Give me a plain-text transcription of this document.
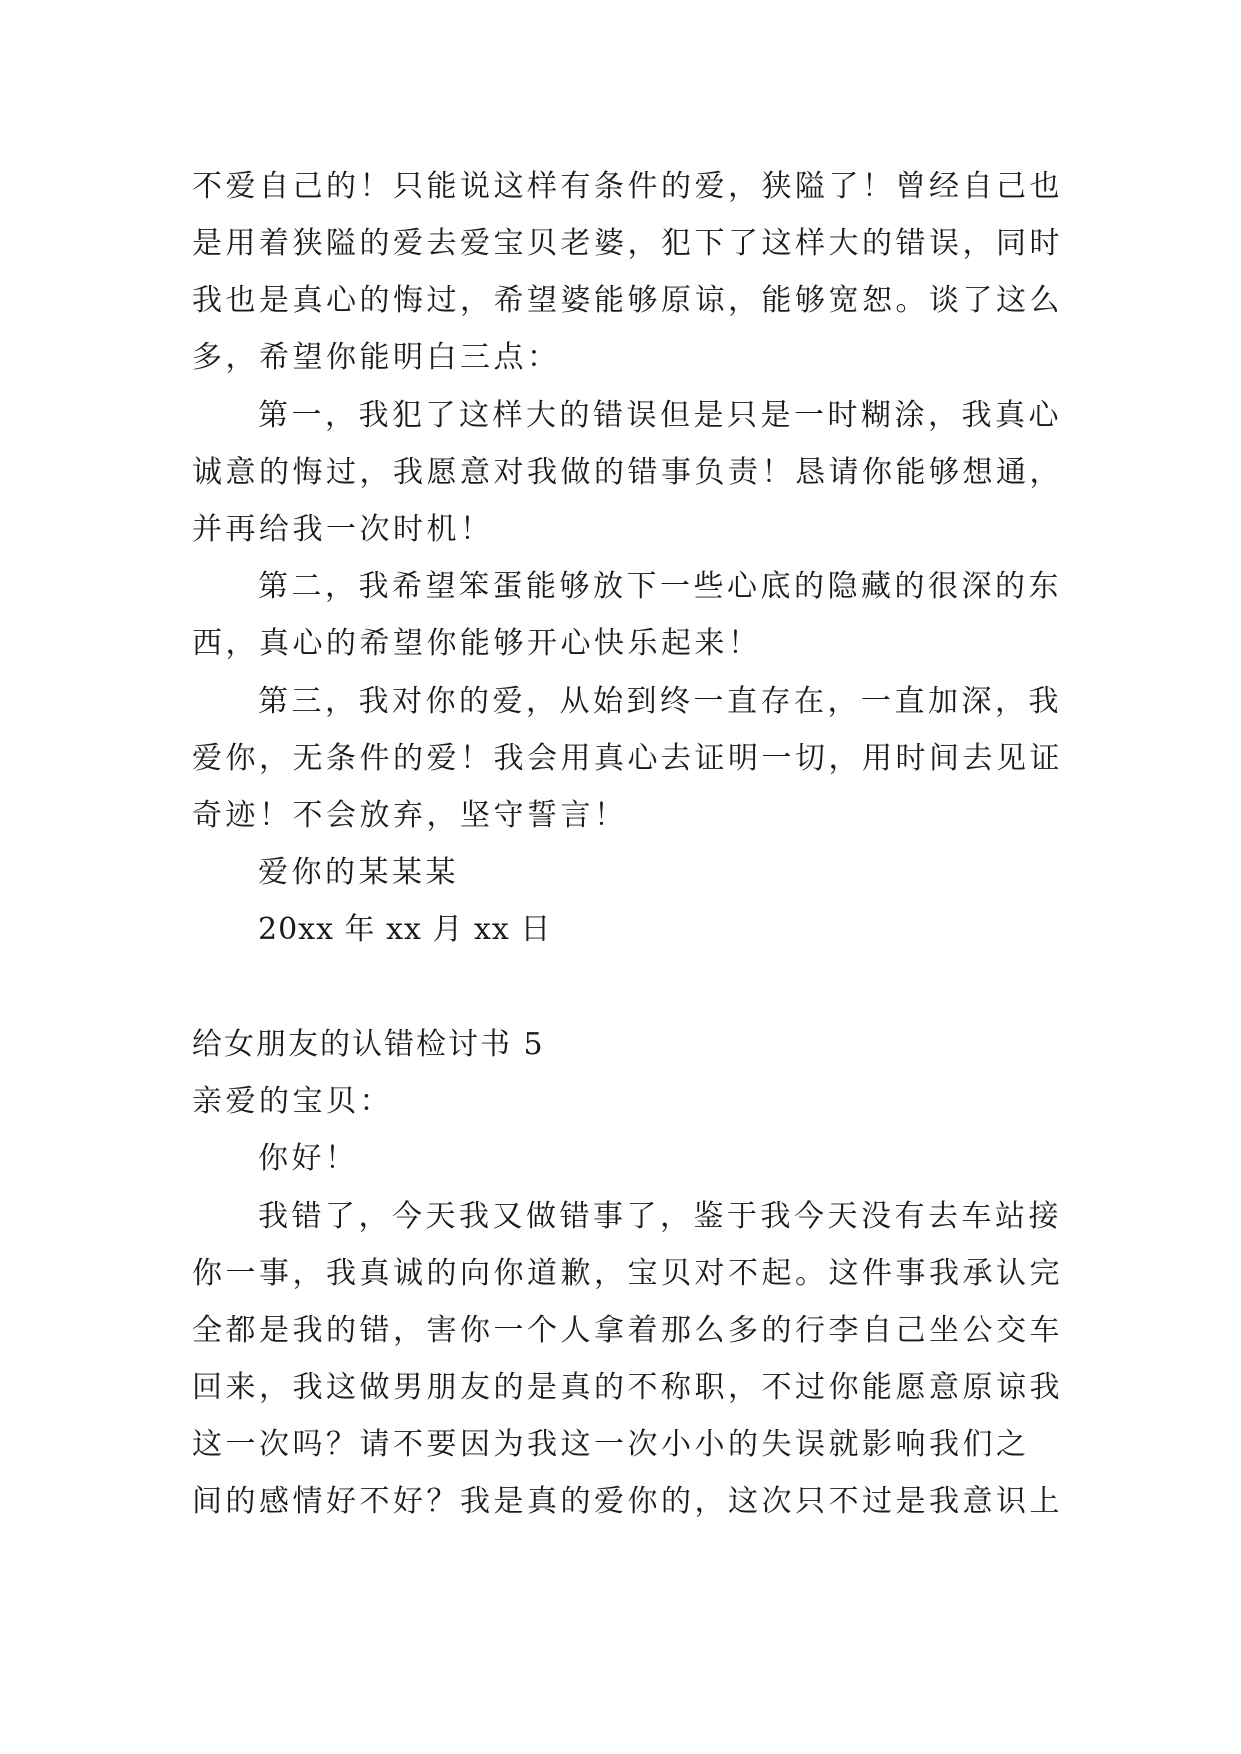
不爱自己的！只能说这样有条件的爱，狭隘了！曾经自己也
是用着狭隘的爱去爱宝贝老婆，犯下了这样大的错误，同时
我也是真心的悔过，希望婆能够原谅，能够宽恕。谈了这么
多，希望你能明白三点：
第一，我犯了这样大的错误但是只是一时糊涂，我真心
诚意的悔过，我愿意对我做的错事负责！恳请你能够想通，
并再给我一次时机！
第二，我希望笨蛋能够放下一些心底的隐藏的很深的东
西，真心的希望你能够开心快乐起来！
第三，我对你的爱，从始到终一直存在，一直加深，我
爱你，无条件的爱！我会用真心去证明一切，用时间去见证
奇迹！不会放弃，坚守誓言！
爱你的某某某
20xx 年 xx 月 xx 日
给女朋友的认错检讨书 5
亲爱的宝贝：
你好！
我错了，今天我又做错事了，鉴于我今天没有去车站接
你一事，我真诚的向你道歉，宝贝对不起。这件事我承认完
全都是我的错，害你一个人拿着那么多的行李自己坐公交车
回来，我这做男朋友的是真的不称职，不过你能愿意原谅我
这一次吗？请不要因为我这一次小小的失误就影响我们之
间的感情好不好？我是真的爱你的，这次只不过是我意识上
